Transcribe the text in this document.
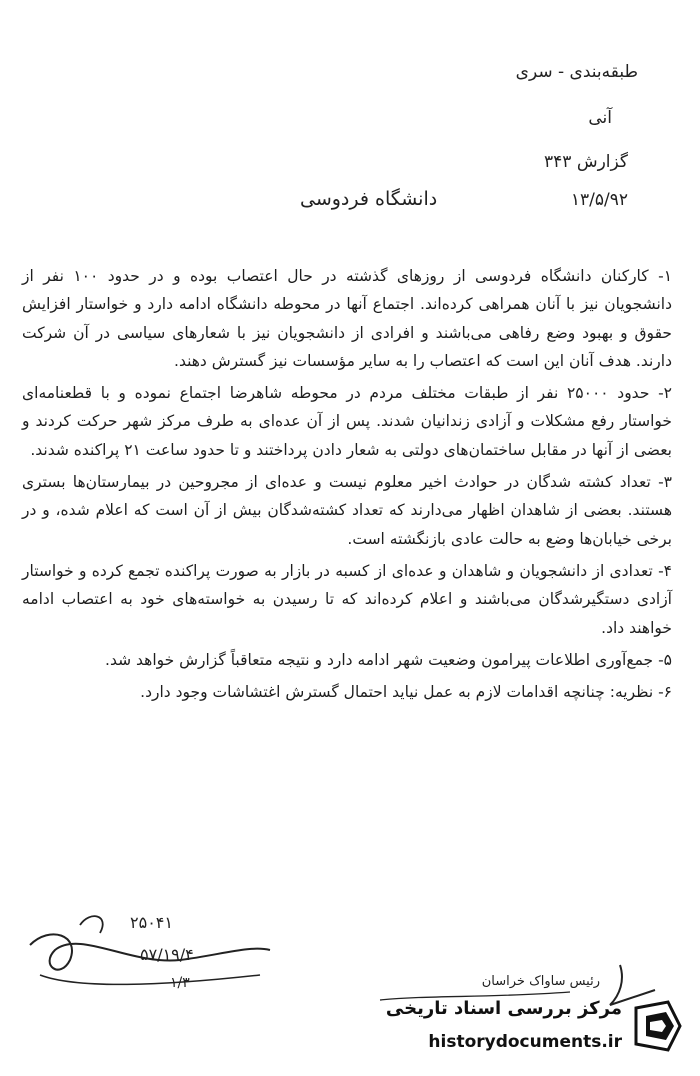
طبقه‌بندی - سری
آنی
گزارش ۳۴۳
۱۳/۵/۹۲
دانشگاه فردوسی

۱- کارکنان دانشگاه فردوسی از روزهای گذشته در حال اعتصاب بوده و در حدود ۱۰۰ نفر از دانشجویان نیز با آنان همراهی کرده‌اند. اجتماع آنها در محوطه دانشگاه ادامه دارد و خواستار افزایش حقوق و بهبود وضع رفاهی می‌باشند و افرادی از دانشجویان نیز با شعارهای سیاسی در آن شرکت دارند. هدف آنان این است که اعتصاب را به سایر مؤسسات نیز گسترش دهند.

۲- حدود ۲۵۰۰۰ نفر از طبقات مختلف مردم در محوطه شاهرضا اجتماع نموده و با قطعنامه‌ای خواستار رفع مشکلات و آزادی زندانیان شدند. پس از آن عده‌ای به طرف مرکز شهر حرکت کردند و بعضی از آنها در مقابل ساختمان‌های دولتی به شعار دادن پرداختند و تا حدود ساعت ۲۱ پراکنده شدند.

۳- تعداد کشته شدگان در حوادث اخیر معلوم نیست و عده‌ای از مجروحین در بیمارستان‌ها بستری هستند. بعضی از شاهدان اظهار می‌دارند که تعداد کشته‌شدگان بیش از آن است که اعلام شده، و در برخی خیابان‌ها وضع به حالت عادی بازنگشته است.

۴- تعدادی از دانشجویان و شاهدان و عده‌ای از کسبه در بازار به صورت پراکنده تجمع کرده و خواستار آزادی دستگیرشدگان می‌باشند و اعلام کرده‌اند که تا رسیدن به خواسته‌های خود به اعتصاب ادامه خواهند داد.

۵- جمع‌آوری اطلاعات پیرامون وضعیت شهر ادامه دارد و نتیجه متعاقباً گزارش خواهد شد.

۶- نظریه: چنانچه اقدامات لازم به عمل نیاید احتمال گسترش اغتشاشات وجود دارد.

۲۵۰۴۱
۵۷/۱۹/۴
۱/۳	رئیس ساواک خراسان
مرکز بررسی اسناد تاریخی
historydocuments.ir
